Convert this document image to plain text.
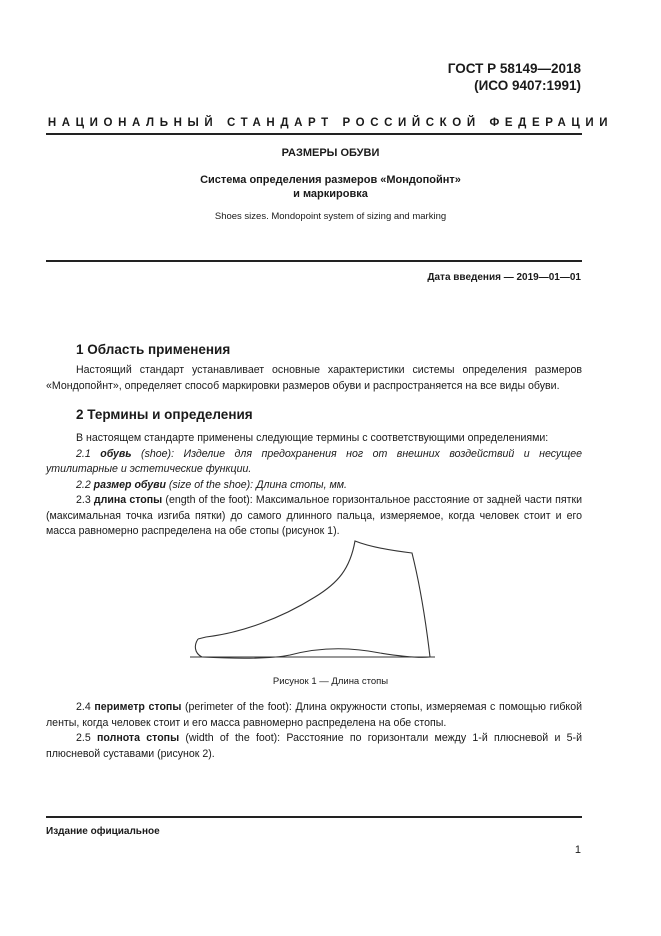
ГОСТ Р 58149—2018
(ИСО 9407:1991)
НАЦИОНАЛЬНЫЙ СТАНДАРТ РОССИЙСКОЙ ФЕДЕРАЦИИ
РАЗМЕРЫ ОБУВИ
Система определения размеров «Мондопойнт»
и маркировка
Shoes sizes. Mondopoint system of sizing and marking
Дата введения — 2019—01—01
1 Область применения

Настоящий стандарт устанавливает основные характеристики системы определения размеров «Мондопойнт», определяет способ маркировки размеров обуви и распространяется на все виды обуви.

2 Термины и определения

В настоящем стандарте применены следующие термины с соответствующими определениями:

2.1 обувь (shoe): Изделие для предохранения ног от внешних воздействий и несущее утилитарные и эстетические функции.

2.2 размер обуви (size of the shoe): Длина стопы, мм.

2.3 длина стопы (ength of the foot): Максимальное горизонтальное расстояние от задней части пятки (максимальная точка изгиба пятки) до самого длинного пальца, измеряемое, когда человек стоит и его масса равномерно распределена на обе стопы (рисунок 1).

Рисунок 1 — Длина стопы

2.4 периметр стопы (perimeter of the foot): Длина окружности стопы, измеряемая с помощью гибкой ленты, когда человек стоит и его масса равномерно распределена на обе стопы.

2.5 полнота стопы (width of the foot): Расстояние по горизонтали между 1-й плюсневой и 5-й плюсневой суставами (рисунок 2).

Издание официальное
1
